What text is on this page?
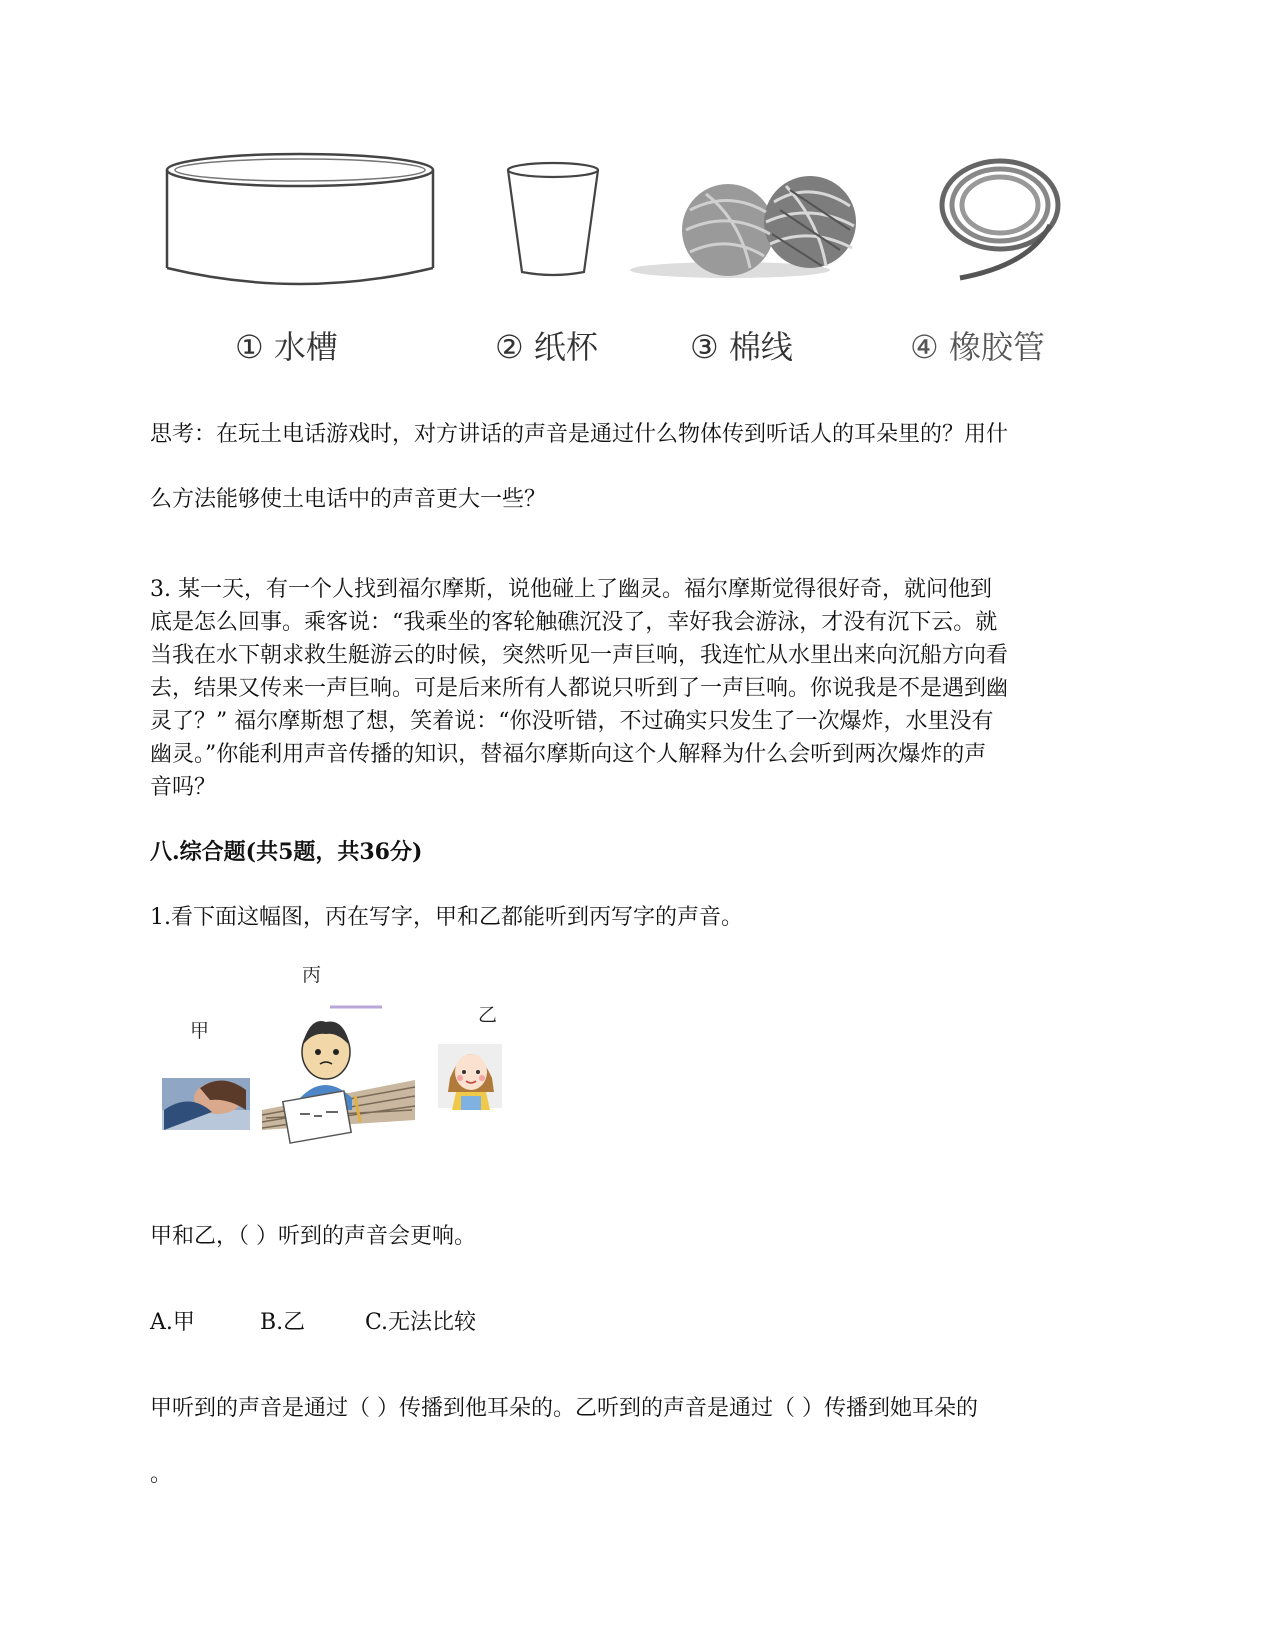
① 水槽	② 纸杯	③ 棉线	④ 橡胶管
思考：在玩土电话游戏时，对方讲话的声音是通过什么物体传到听话人的耳朵里的？用什
么方法能够使土电话中的声音更大一些？
3. 某一天，有一个人找到福尔摩斯，说他碰上了幽灵。福尔摩斯觉得很好奇，就问他到
底是怎么回事。乘客说：“我乘坐的客轮触礁沉没了，幸好我会游泳，才没有沉下云。就
当我在水下朝求救生艇游云的时候，突然听见一声巨响，我连忙从水里出来向沉船方向看
去，结果又传来一声巨响。可是后来所有人都说只听到了一声巨响。你说我是不是遇到幽
灵了？” 福尔摩斯想了想，笑着说：“你没听错，不过确实只发生了一次爆炸，水里没有
幽灵。”你能利用声音传播的知识，替福尔摩斯向这个人解释为什么会听到两次爆炸的声
音吗？
八.综合题(共5题，共36分)
1.看下面这幅图，丙在写字，甲和乙都能听到丙写字的声音。
甲
丙
乙
甲和乙，（ ）听到的声音会更响。
A.甲	B.乙	C.无法比较
甲听到的声音是通过（ ）传播到他耳朵的。乙听到的声音是通过（ ）传播到她耳朵的
。
